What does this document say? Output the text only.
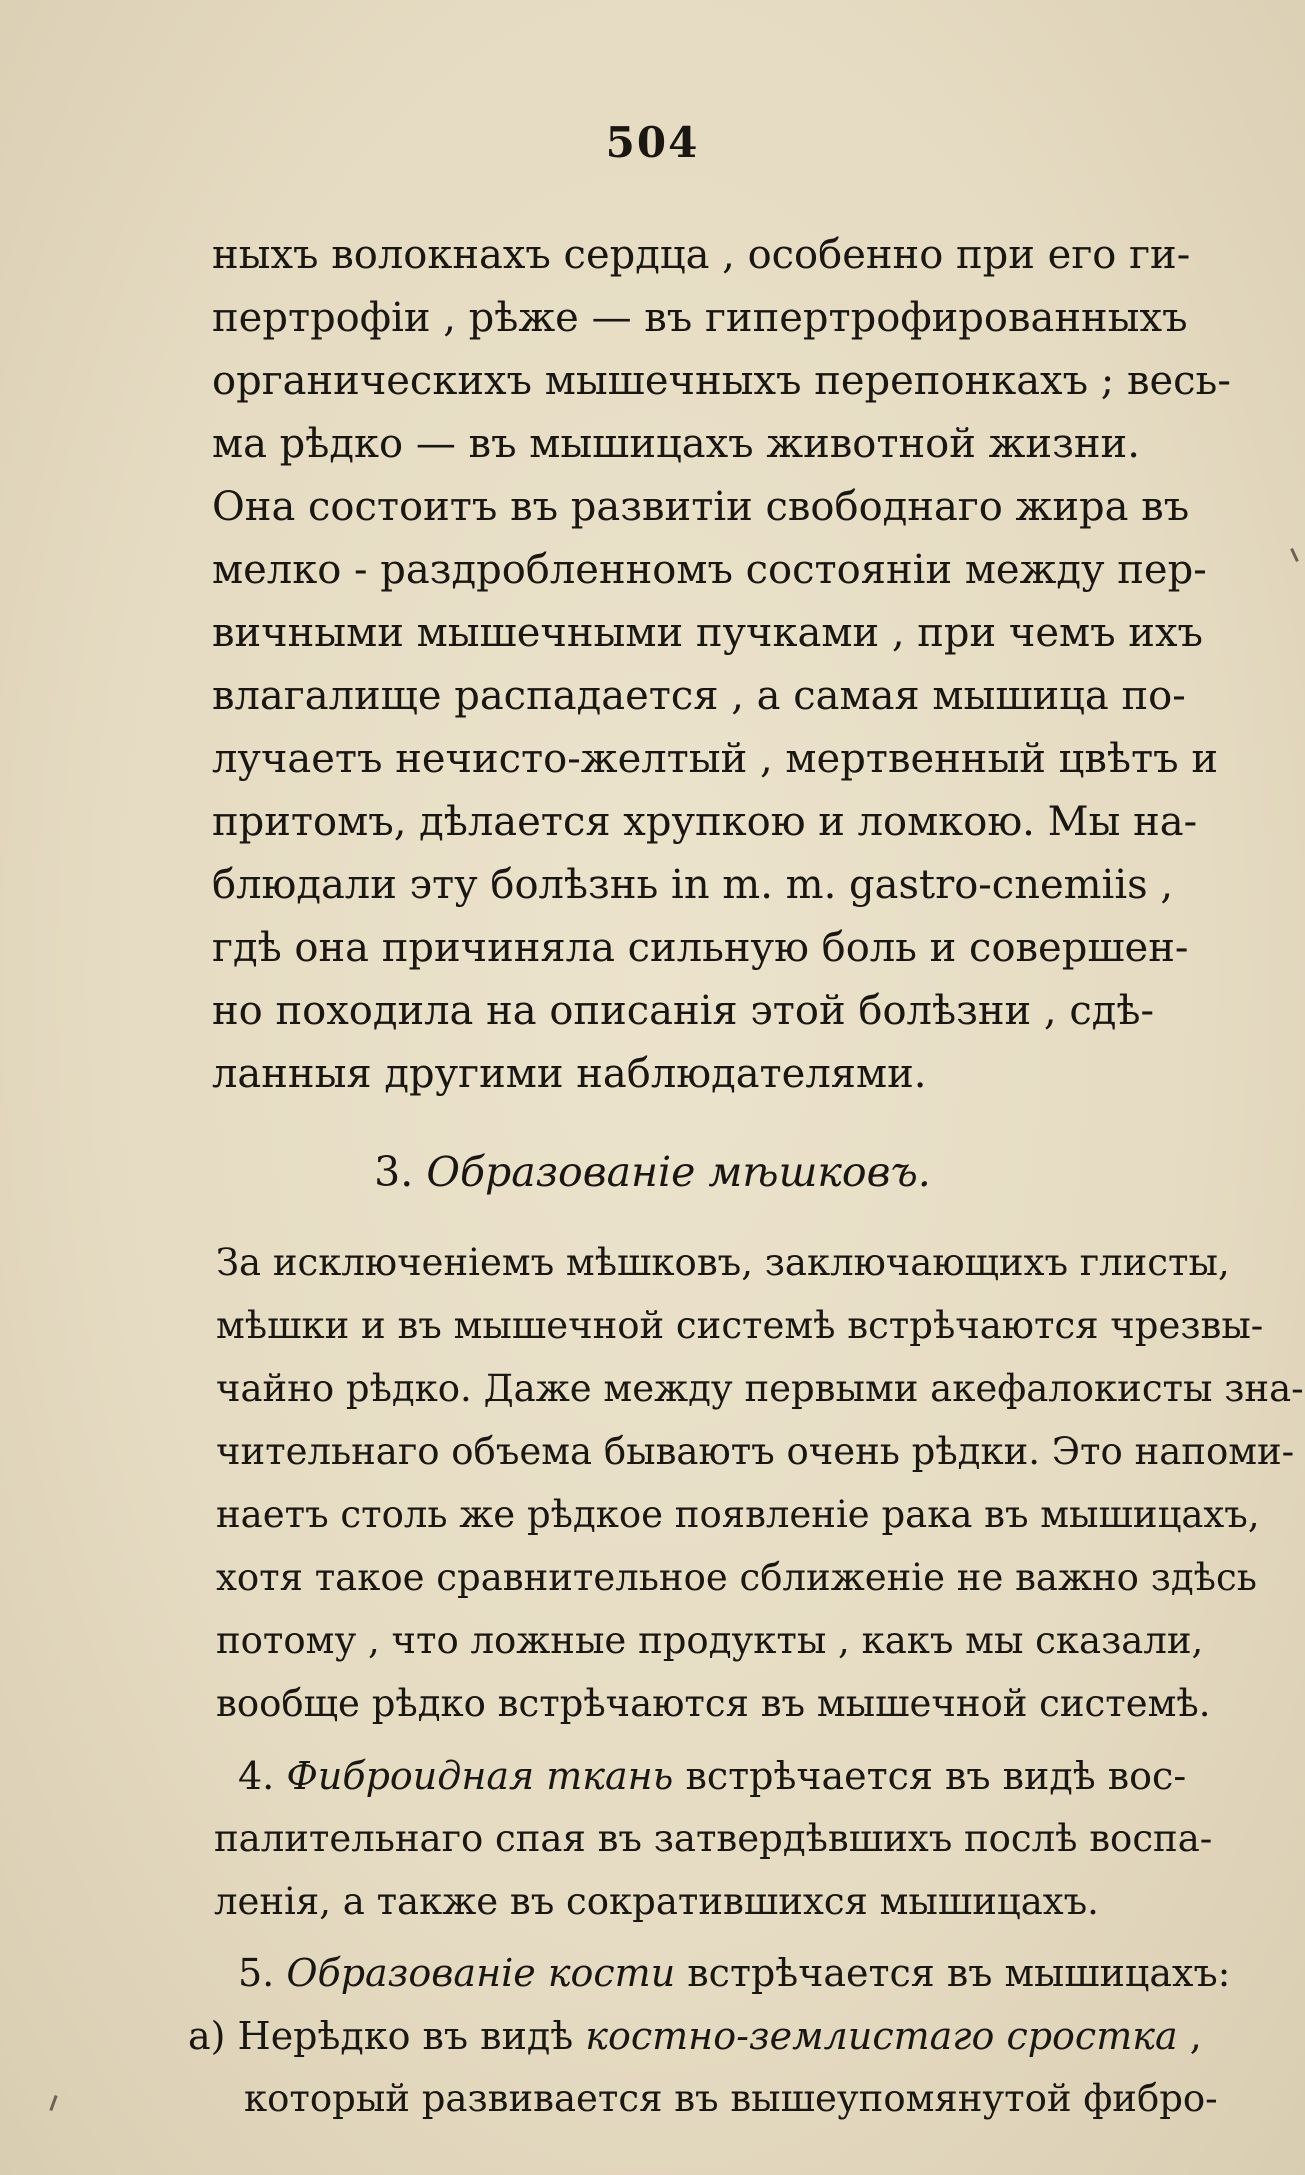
504
ныхъ волокнахъ сердца , особенно при его ги-
пертрофіи , рѣже — въ гипертрофированныхъ
органическихъ мышечныхъ перепонкахъ ; весь-
ма рѣдко — въ мышицахъ животной жизни.
Она состоитъ въ развитіи свободнаго жира въ
мелко - раздробленномъ состояніи между пер-
вичными мышечными пучками , при чемъ ихъ
влагалище распадается , а самая мышица по-
лучаетъ нечисто-желтый , мертвенный цвѣтъ и
притомъ, дѣлается хрупкою и ломкою. Мы на-
блюдали эту болѣзнь in m. m. gastro-cnemiis ,
гдѣ она причиняла сильную боль и совершен-
но походила на описанія этой болѣзни , сдѣ-
ланныя другими наблюдателями.
3. Образованіе мѣшковъ.
За исключеніемъ мѣшковъ, заключающихъ глисты,
мѣшки и въ мышечной системѣ встрѣчаются чрезвы-
чайно рѣдко. Даже между первыми акефалокисты зна-
чительнаго объема бываютъ очень рѣдки. Это напоми-
наетъ столь же рѣдкое появленіе рака въ мышицахъ,
хотя такое сравнительное сближеніе не важно здѣсь
потому , что ложные продукты , какъ мы сказали,
вообще рѣдко встрѣчаются въ мышечной системѣ.
4. Фиброидная ткань встрѣчается въ видѣ вос-
палительнаго спая въ затвердѣвшихъ послѣ воспа-
ленія, а также въ сократившихся мышицахъ.
5. Образованіе кости встрѣчается въ мышицахъ:
а) Нерѣдко въ видѣ костно-землистаго сростка ,
который развивается въ вышеупомянутой фибро-
